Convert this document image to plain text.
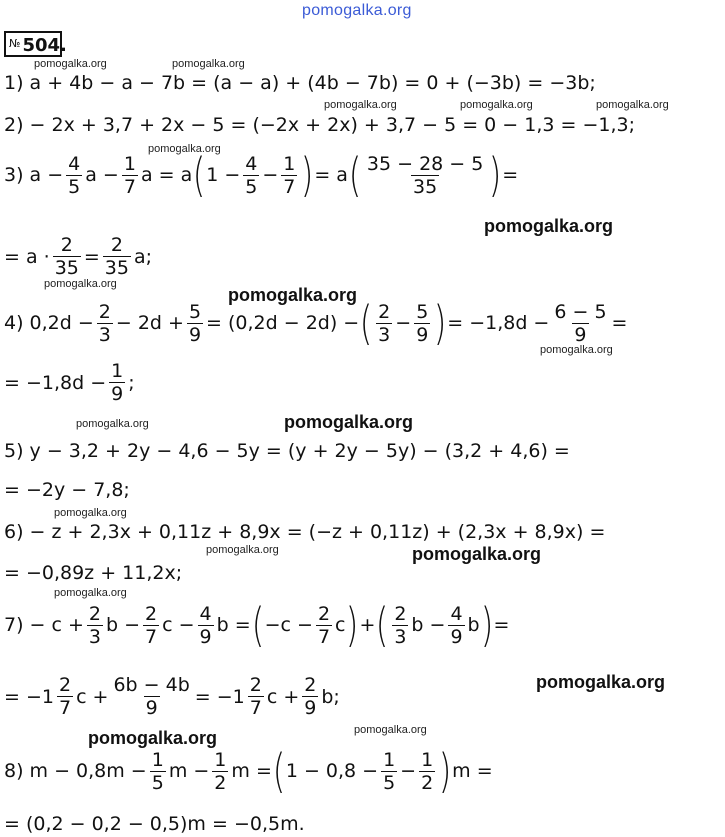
pomogalka.org
№ 504.
pomogalka.org	pomogalka.org
pomogalka.org	pomogalka.org	pomogalka.org
pomogalka.org
pomogalka.org
pomogalka.org
pomogalka.org
pomogalka.org
pomogalka.org
pomogalka.org
pomogalka.org
pomogalka.org
pomogalka.org
pomogalka.org
pomogalka.org
pomogalka.org
pomogalka.org
1) a + 4b − a − 7b = (a − a) + (4b − 7b) = 0 + (−3b) = −3b;
2) − 2x + 3,7 + 2x − 5 = (−2x + 2x) + 3,7 − 5 = 0 − 1,3 = −1,3;
3) $a - \frac{4}{5}$ $a - \frac{1}{7}$ a = a ( $1 - \frac{4}{5} - \frac{1}{7}$ ) = a ( $\frac{35 - 28 - 5}{35}$ ) =
= $a \cdot \frac{2}{35} = \frac{2}{35} a$;
4) $0,2d - \frac{2}{3} - 2d + \frac{5}{9} = (0,2d - 2d)$ − ( $\frac{2}{3} - \frac{5}{9}$ ) = $-1,8d - \frac{6 - 5}{9}$ =
= $-1,8d - \frac{1}{9}$ ;
5) y − 3,2 + 2y − 4,6 − 5y = (y + 2y − 5y) − (3,2 + 4,6) =
= −2y − 7,8;
6) − z + 2,3x + 0,11z + 8,9x = (−z + 0,11z) + (2,3x + 8,9x) =
= −0,89z + 11,2x;
$7) - c + \frac{2}{3}$ $b - \frac{2}{7}$ $c - \frac{4}{9}$ b = ( $-c - \frac{2}{7}$ c ) + ( $\frac{2}{3}$ $b - \frac{4}{9}$ b ) =
= $-1 \frac{2}{7}$ $c + \frac{6b - 4b}{9} = -1 \frac{2}{7}$ $c + \frac{2}{9} b$;
8) $m - 0,8m - \frac{1}{5}$ $m - \frac{1}{2}$ m = ( $1 - 0,8 - \frac{1}{5} - \frac{1}{2}$ ) m =
= (0,2 − 0,2 − 0,5)m = −0,5m.
